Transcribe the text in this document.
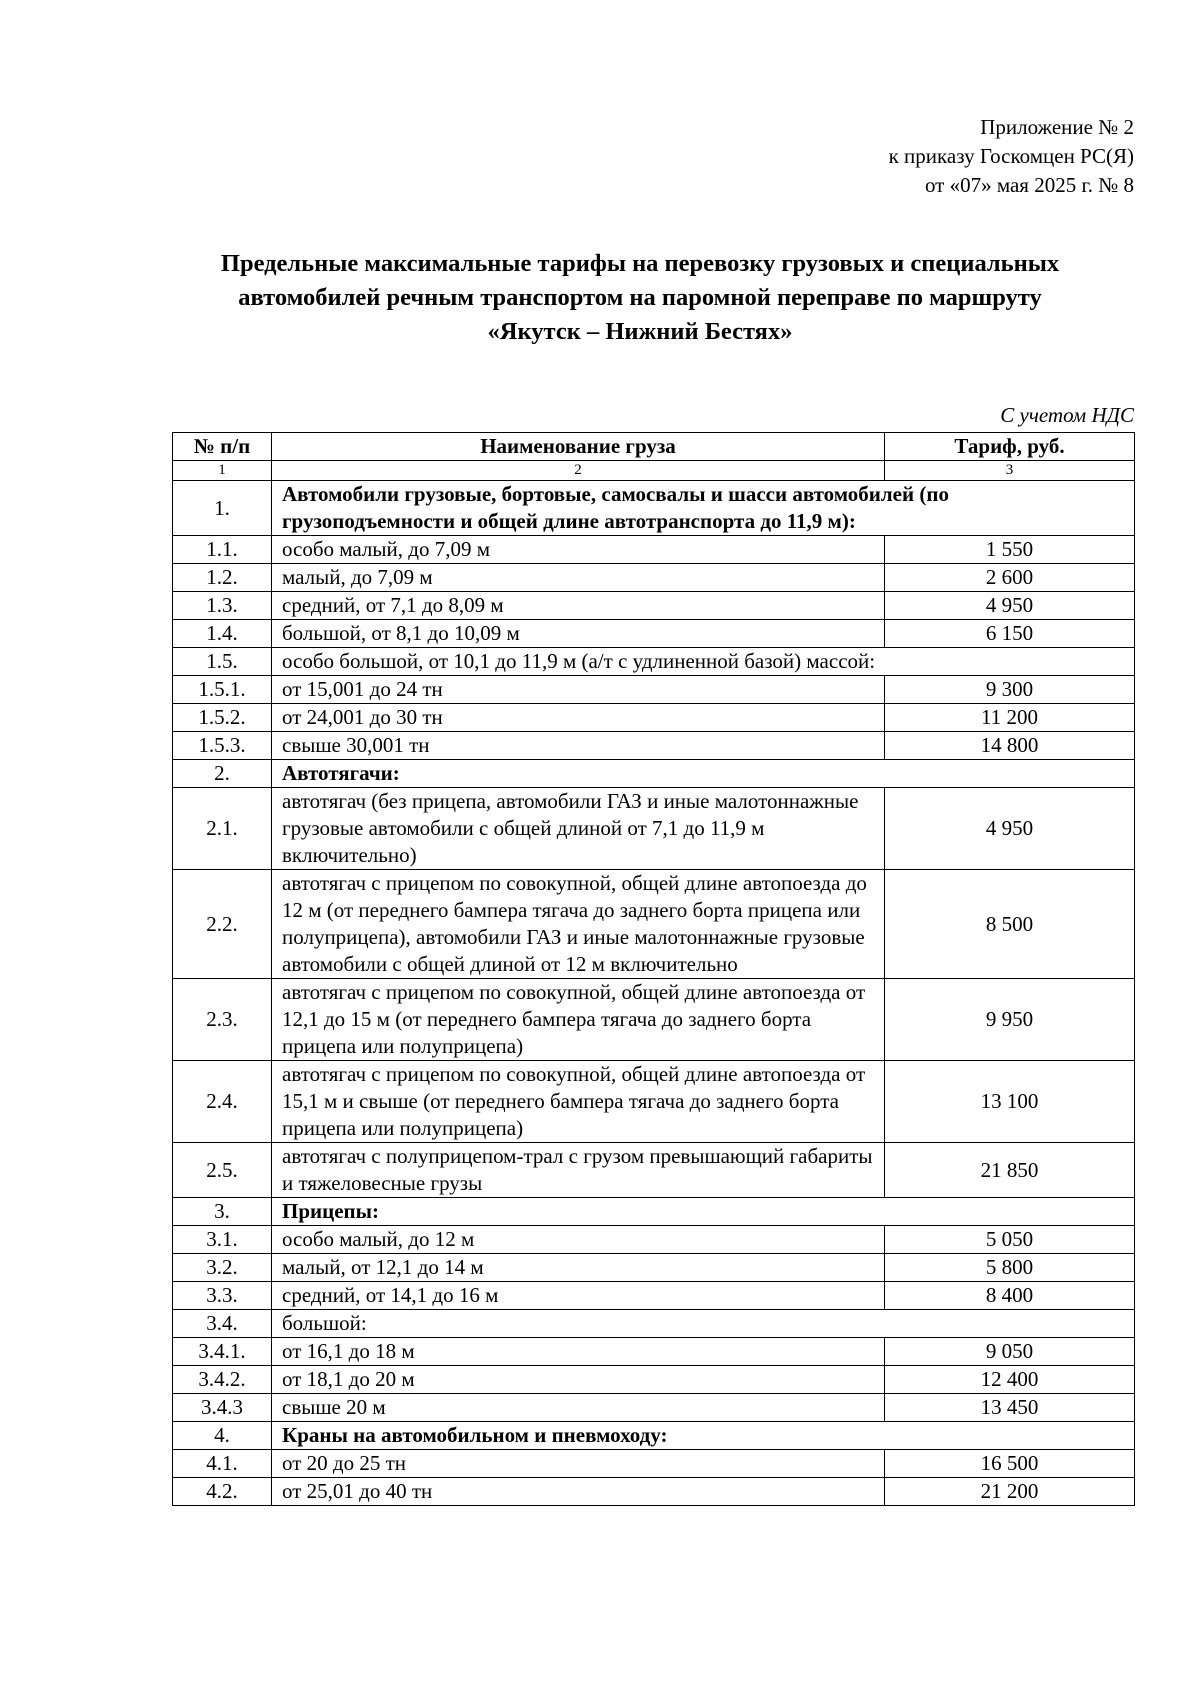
Приложение № 2
к приказу Госкомцен РС(Я)
от «07» мая 2025 г. № 8
Предельные максимальные тарифы на перевозку грузовых и специальных
автомобилей речным транспортом на паромной переправе по маршруту
«Якутск – Нижний Бестях»
С учетом НДС
№ п/п	Наименование груза	Тариф, руб.
1	2	3
1.	Автомобили грузовые, бортовые, самосвалы и шасси автомобилей (по грузоподъемности и общей длине автотранспорта до 11,9 м):	
1.1.	особо малый, до 7,09 м	1 550
1.2.	малый, до 7,09 м	2 600
1.3.	средний, от 7,1 до 8,09 м	4 950
1.4.	большой, от 8,1 до 10,09 м	6 150
1.5.	особо большой, от 10,1 до 11,9 м (а/т с удлиненной базой) массой:	
1.5.1.	от 15,001 до 24 тн	9 300
1.5.2.	от 24,001 до 30 тн	11 200
1.5.3.	свыше 30,001 тн	14 800
2.	Автотягачи:	
2.1.	автотягач (без прицепа, автомобили ГАЗ и иные малотоннажные грузовые автомобили с общей длиной от 7,1 до 11,9 м включительно)	4 950
2.2.	автотягач с прицепом по совокупной, общей длине автопоезда до 12 м (от переднего бампера тягача до заднего борта прицепа или полуприцепа), автомобили ГАЗ и иные малотоннажные грузовые автомобили с общей длиной от 12 м включительно	8 500
2.3.	автотягач с прицепом по совокупной, общей длине автопоезда от 12,1 до 15 м (от переднего бампера тягача до заднего борта прицепа или полуприцепа)	9 950
2.4.	автотягач с прицепом по совокупной, общей длине автопоезда от 15,1 м и свыше (от переднего бампера тягача до заднего борта прицепа или полуприцепа)	13 100
2.5.	автотягач с полуприцепом-трал с грузом превышающий габариты и тяжеловесные грузы	21 850
3.	Прицепы:	
3.1.	особо малый, до 12 м	5 050
3.2.	малый, от 12,1 до 14 м	5 800
3.3.	средний, от 14,1 до 16 м	8 400
3.4.	большой:	
3.4.1.	от 16,1 до 18 м	9 050
3.4.2.	от 18,1 до 20 м	12 400
3.4.3	свыше 20 м	13 450
4.	Краны на автомобильном и пневмоходу:	
4.1.	от 20 до 25 тн	16 500
4.2.	от 25,01 до 40 тн	21 200
